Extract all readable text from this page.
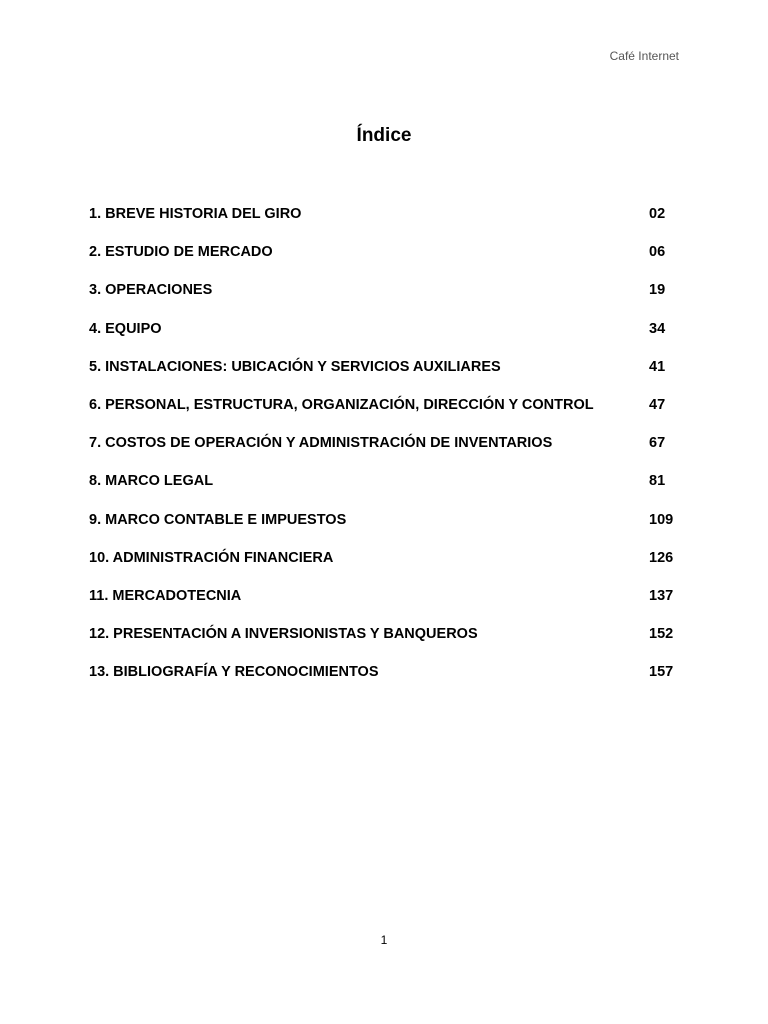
Café Internet
Índice
1. BREVE HISTORIA DEL GIRO	02
2. ESTUDIO DE MERCADO	06
3. OPERACIONES	19
4. EQUIPO	34
5. INSTALACIONES: UBICACIÓN Y SERVICIOS AUXILIARES	41
6. PERSONAL, ESTRUCTURA, ORGANIZACIÓN, DIRECCIÓN Y CONTROL	47
7. COSTOS DE OPERACIÓN Y ADMINISTRACIÓN DE INVENTARIOS	67
8. MARCO LEGAL	81
9. MARCO CONTABLE E IMPUESTOS	109
10. ADMINISTRACIÓN FINANCIERA	126
11. MERCADOTECNIA	137
12. PRESENTACIÓN A INVERSIONISTAS Y BANQUEROS	152
13. BIBLIOGRAFÍA Y RECONOCIMIENTOS	157
1
